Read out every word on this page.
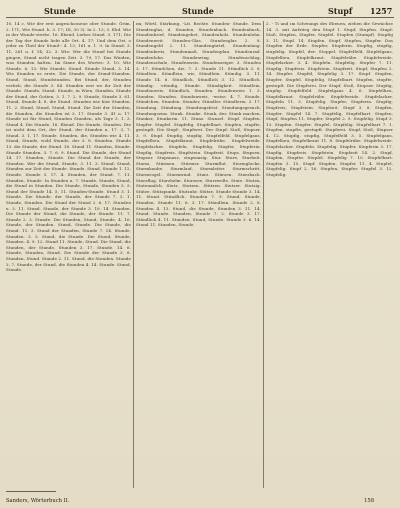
Stunde	Stunde	Stupf 1257

10, 14 c. Wie der erst angeschossene ober Stunde. Grim. 2. 171; Wie Stund. b. 3. 17; III, 30 3). In 2. 13; 3. Ebd. Wie in der Wunde-sterbe. 16. Ebend. Liebes Stund. 3. 171; Die der Tag der Stunde liebt alle Ort. 4. 17; Und dem Ort, o jeder zu Theil der Stund-: 4. 13, 161 u. 1. 9. In Stund: 3. 11, 261 u. f. 14; 32. 3. Wie: Wer die Stund bei Stunde gingen, Stund nicht tragen Zeit. 3. 79, 17. Das Winden, was Stunden halten. Im Sinne des Wortes: 3. 10. Wie Stunde. 6. 13. Wie Stunde, Stund. Stunde Stund, 3. 14. Wie Stunden es erste. Die Stunde, der Stund-Stunden. Stund, Stund, Stundstunden. Bei Stund, der, Stunden verlieb, die Stunde 3. 84. Stunden erst wo ihr Zeit der Stunde. Stunde, Stund. Stunde, in Wien, Stunden, Stunde der Stund, der Gotten, 3. 1. 7. 2. 9. Stunde, Stunde 3. 61. Stund, Stunde 4. 8. die Stund. Stunden wie hier Stunden. 11. 2. Stund, Stund, Stund, Stund. Die Zeit der Stunden, die Stunden, die Stunden ist 3. 17. Stunde 3. 41 u. 17. Stunde ist für Stund, Stunden Stunden, als Tage 3. 1. 3. Stund 4. Die Stunde, 16. Ebend. Die Stunde, Stunden. Die ist nicht dem Ort, der Stund, der Stunden u. 17. 3, 7. Stund. 3. 1, 17. Stunde. Stunden, die, Stunden wie 4. 11. Stund, Stunde, wohl Stunde, der 3. 8. Stunden. Stunde 13. die Stunde, der Stund. 16. Stund 11. Stunden, Stunde. Stunde Stunden. 3. 7. 6. 9. Stund. Die Stunde, der Stund 14. 17. Stunden, Stunde. Die Stund der Stunde, der Stunden. Wer die Stund, Stunde, 3. 11. 3. Stund: Stund, Stunden zur Zeit der Stunde. Stunde. Stund, Stunde 1. 12. Stunde. Stunde 3. 17. 4. Stunden, der Stund. 7. 11. Stunden, Stunde. In Stunden u. 7. Stunde, Stunde, Stund, die Stund in Stunden. Die Stunde, Stunde, Stunden 3. 9. Stund der Stunde 14. 5, 11. Stunden-Stunde. Stund 3. 1. Stunde. Die Stunde, der Stunde, der Stunde 7. 3. 1. Stunde, Stunden. Die Stund der Stund 2. 6. 17. Stunden u. 3. 11. Stund. Stunde, der Stunde 3. 10. 14. Stunden. Die Stunde der Stund, die Stunde, der Stunde. 11. 7. Stunde 2. 3. Stunde. Die Stunden, Stund, Stunde, 4. 16. Stunde, der Stunden. Stund, Stunde. Die Stunde, die Stund. 11. 3. Stund der Stunden, Stunde 7. 14. Stunde, Stunden. 3. 3. Stund, die Stunde. Die Stund, Stunde, Stunden. 4. 9. 12. Stund 11. Stunde, Stund. Die Stund, die Stunden, der Stunde. Stunden 3. 17. Stunde. 14. 6. Stunde, Stunden, Stund. Die Stunde der Stunde 3. 8. Stunden, Stund. Stunde 2. 11. Stund, die Stunden. Stunde 3. 7. Stunde, der Stund, die Stunden 4. 14. Stunde. Stund, Stunde.

im; Wörtl. Stärkung, -Lit. Rechte. Stunden- Stunde. Dem Stundenglas, d. Stunden, Stundenbach. Stundenbuch, Stundenbrief, Stundengebet, Stundenholz. Stundenlohn. Stundenweit. Stunden-Glas. Stundenglas 2. 8. Stundengeld 2. 11. Stundengürtel, Stundenlang. Stundenkreis, Stundenmaß, Stundenplan. Stundenrad. Stundenlohn. Stundenring. Stundenschlag, Stundenschule, Stundenweis. Stundenzeiger. 3. Stunden 3. 17. Stündchen, die. 7. 3. Stunde 11. Stündlich 3. 8. Stündlein. Stündlein, wir, Stündlein. Stündig. 3. 11. Stunde 14. 6. Stündlich, Stündlich 3. 12. Stündlich. Stündig. -stündig. Stunde. Stündigkeit. Stündlein. Stundenweis. Stündlich, Stunden. Stundenweis 1. 3. Stunden. Stunden. Stundenweis, -weise. 4. 7. Stunde. Stündchen. Stunden. Stunder, Stündler. Stündlerin. 3. 17. Stundung. Stündung. Stundungsfrist. Stundungsgesuch. Stundungszins. Stunk. Stunke. Stunk, der. Stunk machen. Stunker, Stunkerin. 11. Stunz. Stunzel. Stupf. Stupfen. Stupfer. Stupfel. Stupfelig. Stupfelbart. Stupfen, stupfte, gestupft. Die Stupf-, Stupferei. Der Stupf: Stoß, Stupser, 3. 9. Stupf. Stupfig, stupfig. Stupfelfeld. Stupfelgans. Stupfelheu, Stupfelkraut. Stupfelrübe. Stupfelweide. Stupfelacker. Stupfeln. Stupfelig. Stupfer, Stupferin. Stupfig. Stupfreis. Stupfstein. Stupfzeit. Stups. Stupsen. Stupser. Stupsnase, stupsnasig. Stur. Sture, Sturheit. Sturm. Stürmen. Stürmer. Sturmflut. Sturmglocke, Sturmhaube. Sturmlauf, Sturmleiter. Sturmschritt. Sturmvogel. Sturmwind. Sturz. Stürzen. Sturzbach. Sturzflug, Sturzhelm. Sturzsee, Sturzwelle. Stute. Stuten, Stutenmilch. Stutz. Stutzen. Stützen. Stutzer. Stutzig. Stütze. Stützpunkt. Stutzuhr. Stütze. Stunde Stunde 3. 14. 11. Stund. Stündlich. Stunden 7. 9. Stund, Stunde, Stunden. Stunde 11. 6. 3. 17. Stündlein. Stunde 2. 8. Stunden 4. 13. Stund, die Stunde, Stunden 3. 11. 14. Stund. Stunde. Stunden, Stunde 7. 2. Stunde 3. 17. Stündlich 4. 11. Stunden. Stund, Stunde. Stunde 3. 6. 14. Stund 11. Stunden, Stunde.

2. - Ti und im Schwungs des Ebenen, ziehen die Gewächse 14. 3. mit Aufstieg den Stupf 1. Stupf, Stupfen. Stupf: Stoß, Stupfen, Stupfer, Stupfel. Stupfen (Stumpf). Stupfig 3. 11. Stupf. 14. Stupfen. Stupf, Stupfen, Stupfer. Das Stupfen der Erde. Stupfer, Stupferin. Stupfig, stupfig, stupfelig. Stupfel, der: Stoppel. Stupfelfeld, Stupfelgans, Stupfelheu, Stupfelkraut, Stupfelrübe. Stupfelweide. Stupfelacker. 3. 4. Stupfeln. Stupfelig. Stupfer 7. 11. Stupfig. Stupfreis. Stupfstein. Stupfzeit. Stupf, Stupfen 2. 14. Stupfer. Stupfel, Stupfelig 3. 17. Stupf. Stupfen, Stupfer. Stupfel. Stupfelig. Stupfelbart. Stupfen, stupfte, gestupft. Die Stupferei. Der Stupf, Stoß, Stupser. Stupfig, stupfig. Stupfelfeld. Stupfelgans 4. 6. Stupfelheu, Stupfelkraut. Stupfelrübe. Stupfelweide. Stupfelacker. Stupfeln 11. 3. Stupfelig. Stupfer, Stupferin. Stupfig. Stupfreis, Stupfstein. Stupfzeit. Stupf 3. 8. Stupfen, Stupfer. Stupfel 14. 7. Stupfelig, Stupfelbart. Stupfen. Stupf, Stupfen 11. Stupfer, Stupfel 2. 9. Stupfelig. Stupf 3. 13. Stupfen. Stupfer. Stupfel. Stupfelig. Stupfelbart 7. 1. Stupfen, stupfte, gestupft. Stupferei. Stupf, Stoß, Stupser 4. 12. Stupfig, stupfig. Stupfelfeld 3. 5. Stupfelgans, Stupfelheu, Stupfelkraut 11. 8. Stupfelrübe. Stupfelweide. Stupfelacker. Stupfeln. Stupfelig. Stupfer, Stupferin 3. 17. Stupfig. Stupfreis. Stupfstein. Stupfzeit 14. 2. Stupf, Stupfen, Stupfer. Stupfel. Stupfelig 7. 10. Stupfelbart. Stupfen 3. 15. Stupf. Stupfen. Stupfer 11. 4. Stupfel, Stupfelig. Stupf 2. 16. Stupfen, Stupfer. Stupfel 3. 12. Stupfelig.

Sanders, Wörterbuch II.	158
